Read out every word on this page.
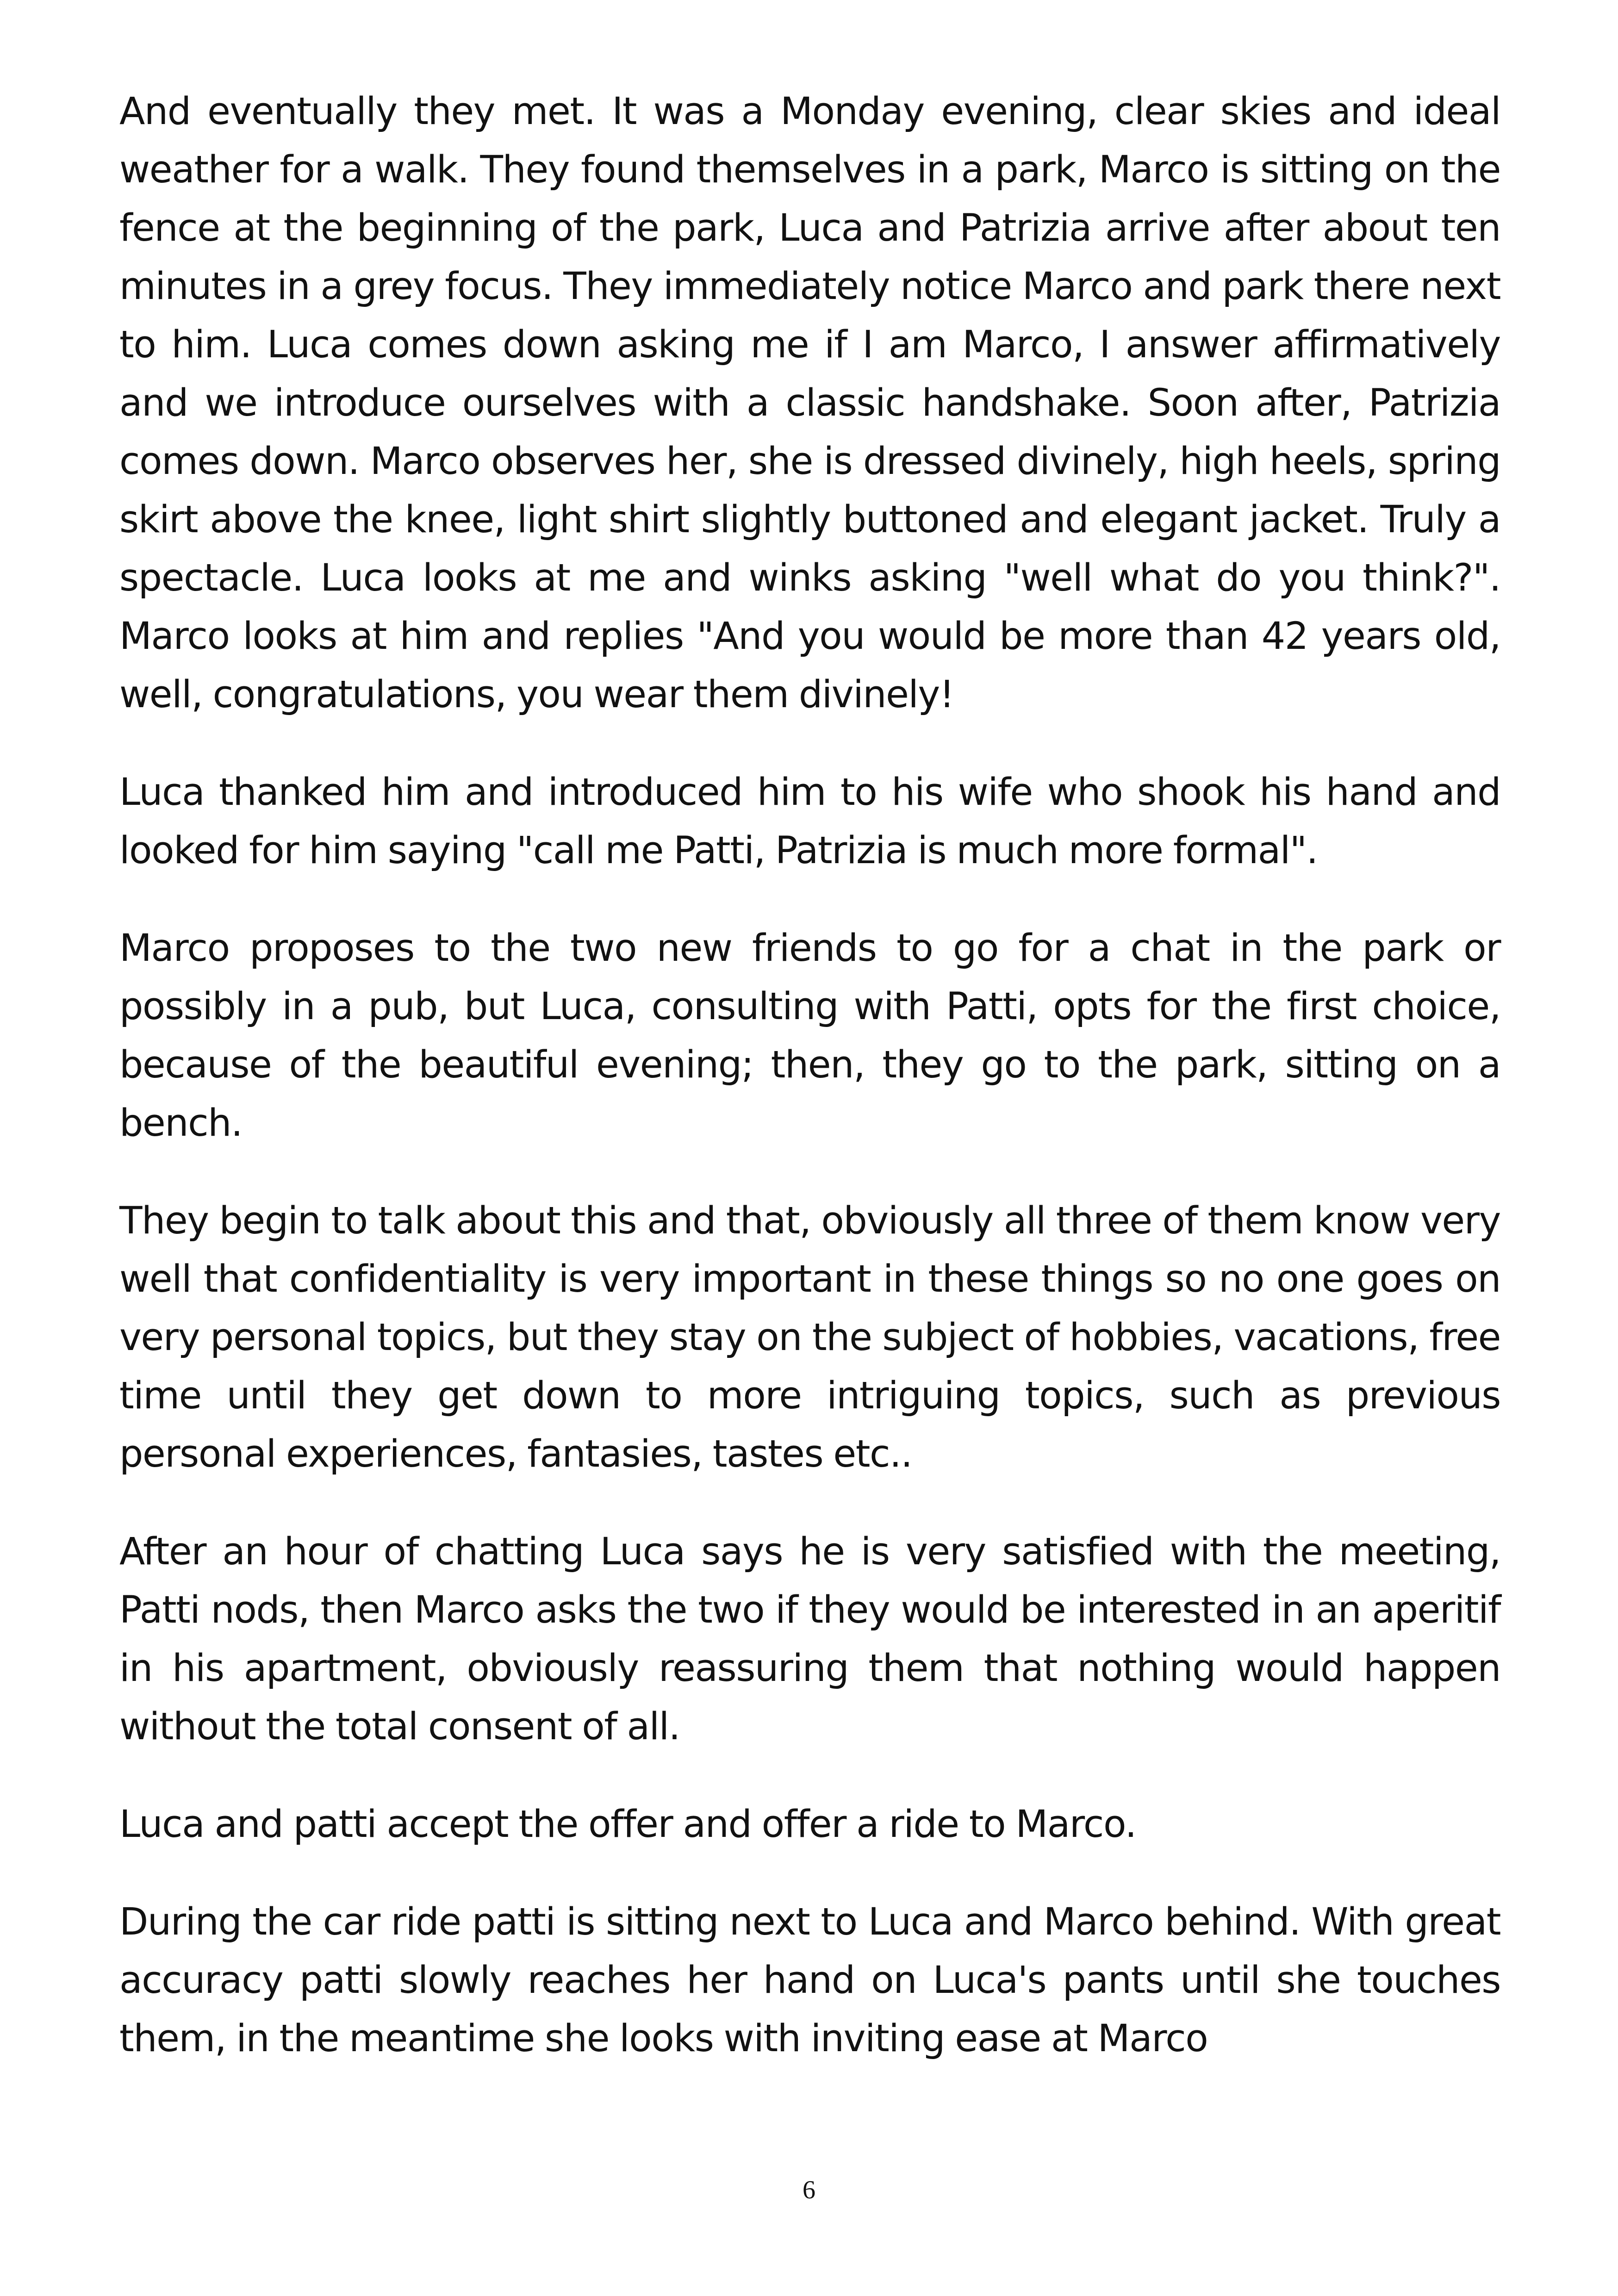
And eventually they met. It was a Monday evening, clear skies and ideal weather for a walk. They found themselves in a park, Marco is sitting on the fence at the beginning of the park, Luca and Patrizia arrive after about ten minutes in a grey focus. They immediately notice Marco and park there next to him. Luca comes down asking me if I am Marco, I answer affirmatively and we introduce ourselves with a classic handshake. Soon after, Patrizia comes down. Marco observes her, she is dressed divinely, high heels, spring skirt above the knee, light shirt slightly buttoned and elegant jacket. Truly a spectacle. Luca looks at me and winks asking "well what do you think?". Marco looks at him and replies "And you would be more than 42 years old, well, congratulations, you wear them divinely!

Luca thanked him and introduced him to his wife who shook his hand and looked for him saying "call me Patti, Patrizia is much more formal".

Marco proposes to the two new friends to go for a chat in the park or possibly in a pub, but Luca, consulting with Patti, opts for the first choice, because of the beautiful evening; then, they go to the park, sitting on a bench.

They begin to talk about this and that, obviously all three of them know very well that confidentiality is very important in these things so no one goes on very personal topics, but they stay on the subject of hobbies, vacations, free time until they get down to more intriguing topics, such as previous personal experiences, fantasies, tastes etc..

After an hour of chatting Luca says he is very satisfied with the meeting, Patti nods, then Marco asks the two if they would be interested in an aperitif in his apartment, obviously reassuring them that nothing would happen without the total consent of all.

Luca and patti accept the offer and offer a ride to Marco.

During the car ride patti is sitting next to Luca and Marco behind. With great accuracy patti slowly reaches her hand on Luca's pants until she touches them, in the meantime she looks with inviting ease at Marco

6
